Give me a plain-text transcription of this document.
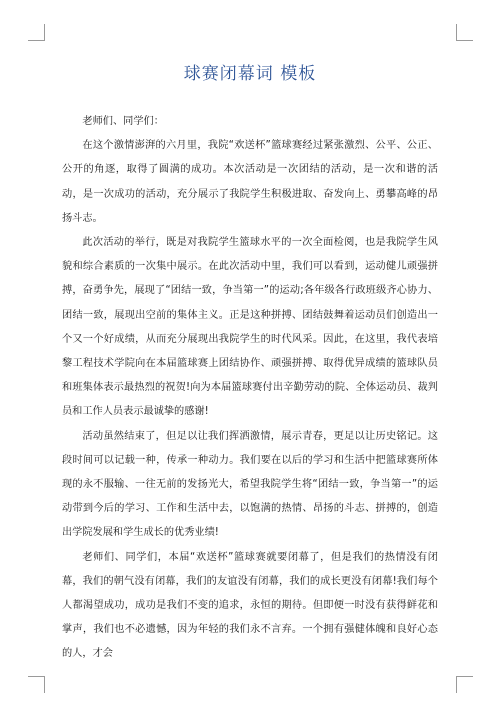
球赛闭幕词 模板

老师们、同学们：

在这个激情澎湃的六月里，我院“欢送杯”篮球赛经过紧张激烈、公平、公正、公开的角逐，取得了圆满的成功。本次活动是一次团结的活动，是一次和谐的活动，是一次成功的活动，充分展示了我院学生积极进取、奋发向上、勇攀高峰的昂扬斗志。

此次活动的举行，既是对我院学生篮球水平的一次全面检阅，也是我院学生风貌和综合素质的一次集中展示。在此次活动中里，我们可以看到，运动健儿顽强拼搏，奋勇争先，展现了“团结一致，争当第一”的运动;各年级各行政班级齐心协力、团结一致，展现出空前的集体主义。正是这种拼搏、团结鼓舞着运动员们创造出一个又一个好成绩，从而充分展现出我院学生的时代风采。因此，在这里，我代表培黎工程技术学院向在本届篮球赛上团结协作、顽强拼搏、取得优异成绩的篮球队员和班集体表示最热烈的祝贺!向为本届篮球赛付出辛勤劳动的院、全体运动员、裁判员和工作人员表示最诚挚的感谢!

活动虽然结束了，但足以让我们挥洒激情，展示青春，更足以让历史铭记。这段时间可以记载一种，传承一种动力。我们要在以后的学习和生活中把篮球赛所体现的永不服输、一往无前的发扬光大，希望我院学生将“团结一致，争当第一”的运动带到今后的学习、工作和生活中去，以饱满的热情、昂扬的斗志、拼搏的，创造出学院发展和学生成长的优秀业绩!

老师们、同学们，本届“欢送杯”篮球赛就要闭幕了，但是我们的热情没有闭幕，我们的朝气没有闭幕，我们的友谊没有闭幕，我们的成长更没有闭幕!我们每个人都渴望成功，成功是我们不变的追求，永恒的期待。但即便一时没有获得鲜花和掌声，我们也不必遗憾，因为年轻的我们永不言弃。一个拥有强健体魄和良好心态的人，才会
